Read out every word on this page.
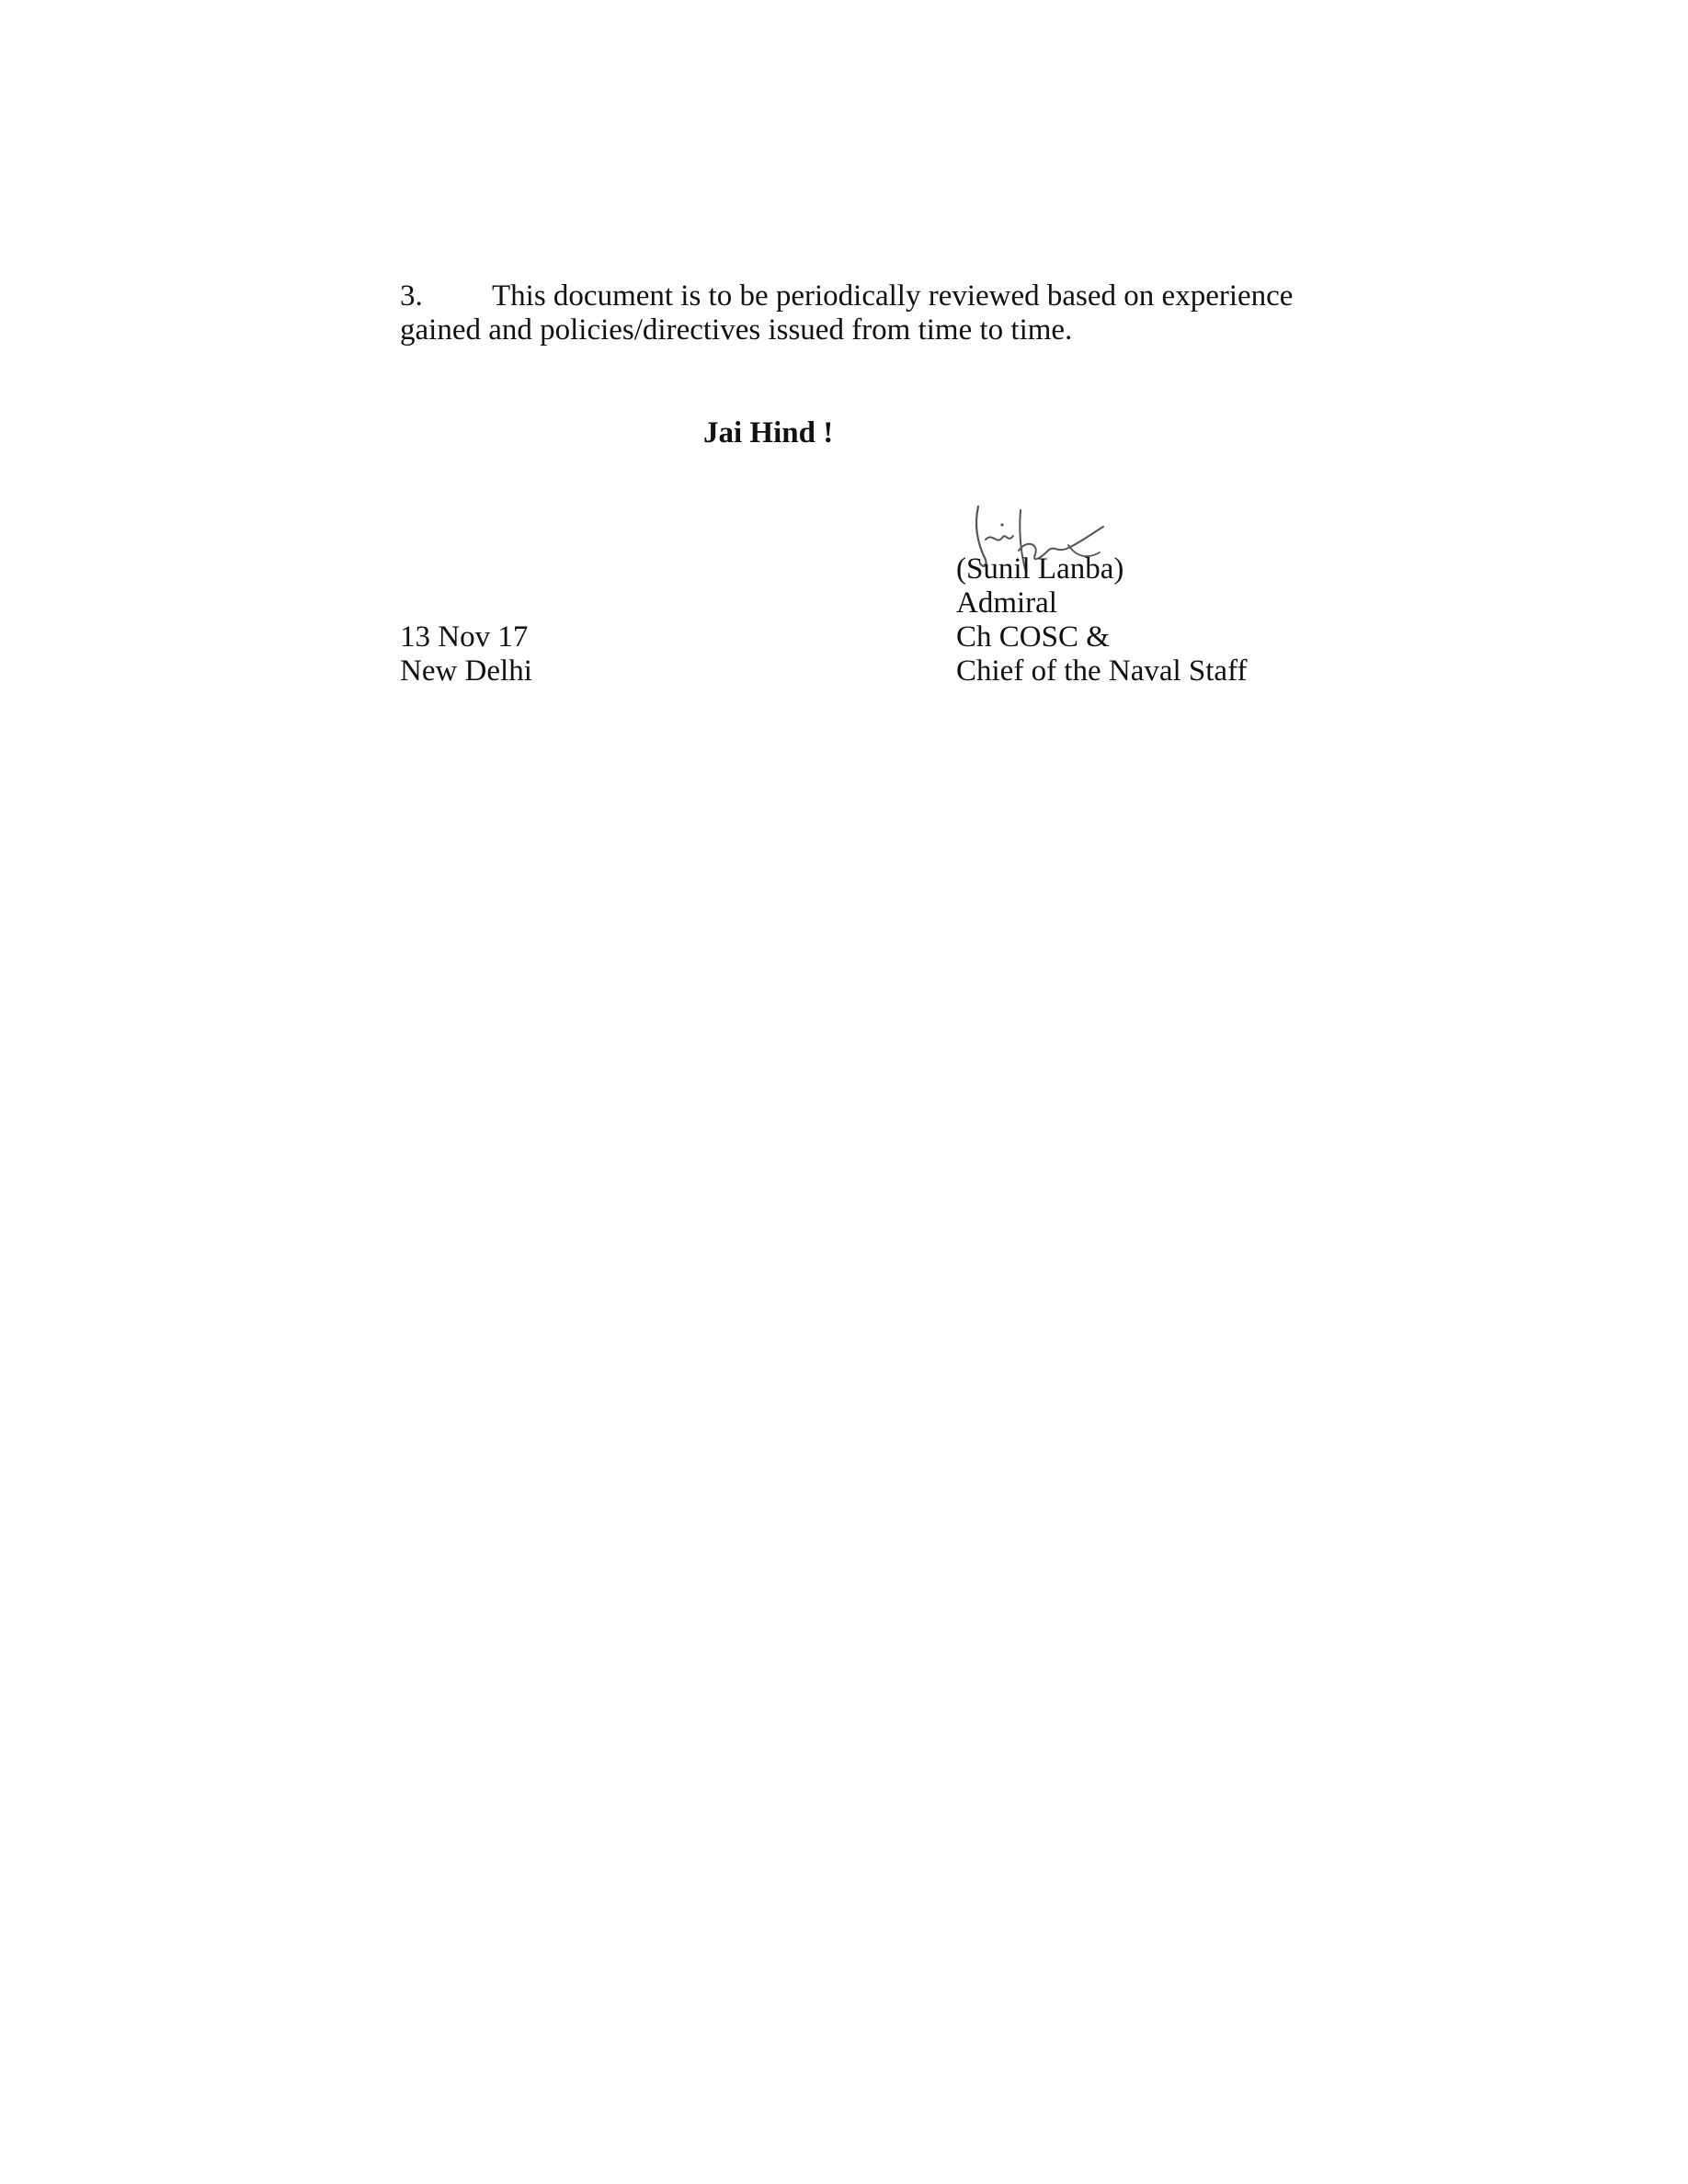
3. This document is to be periodically reviewed based on experience
gained and policies/directives issued from time to time.
Jai Hind !
(Sunil Lanba)
Admiral
Ch COSC &
Chief of the Naval Staff
13 Nov 17
New Delhi
